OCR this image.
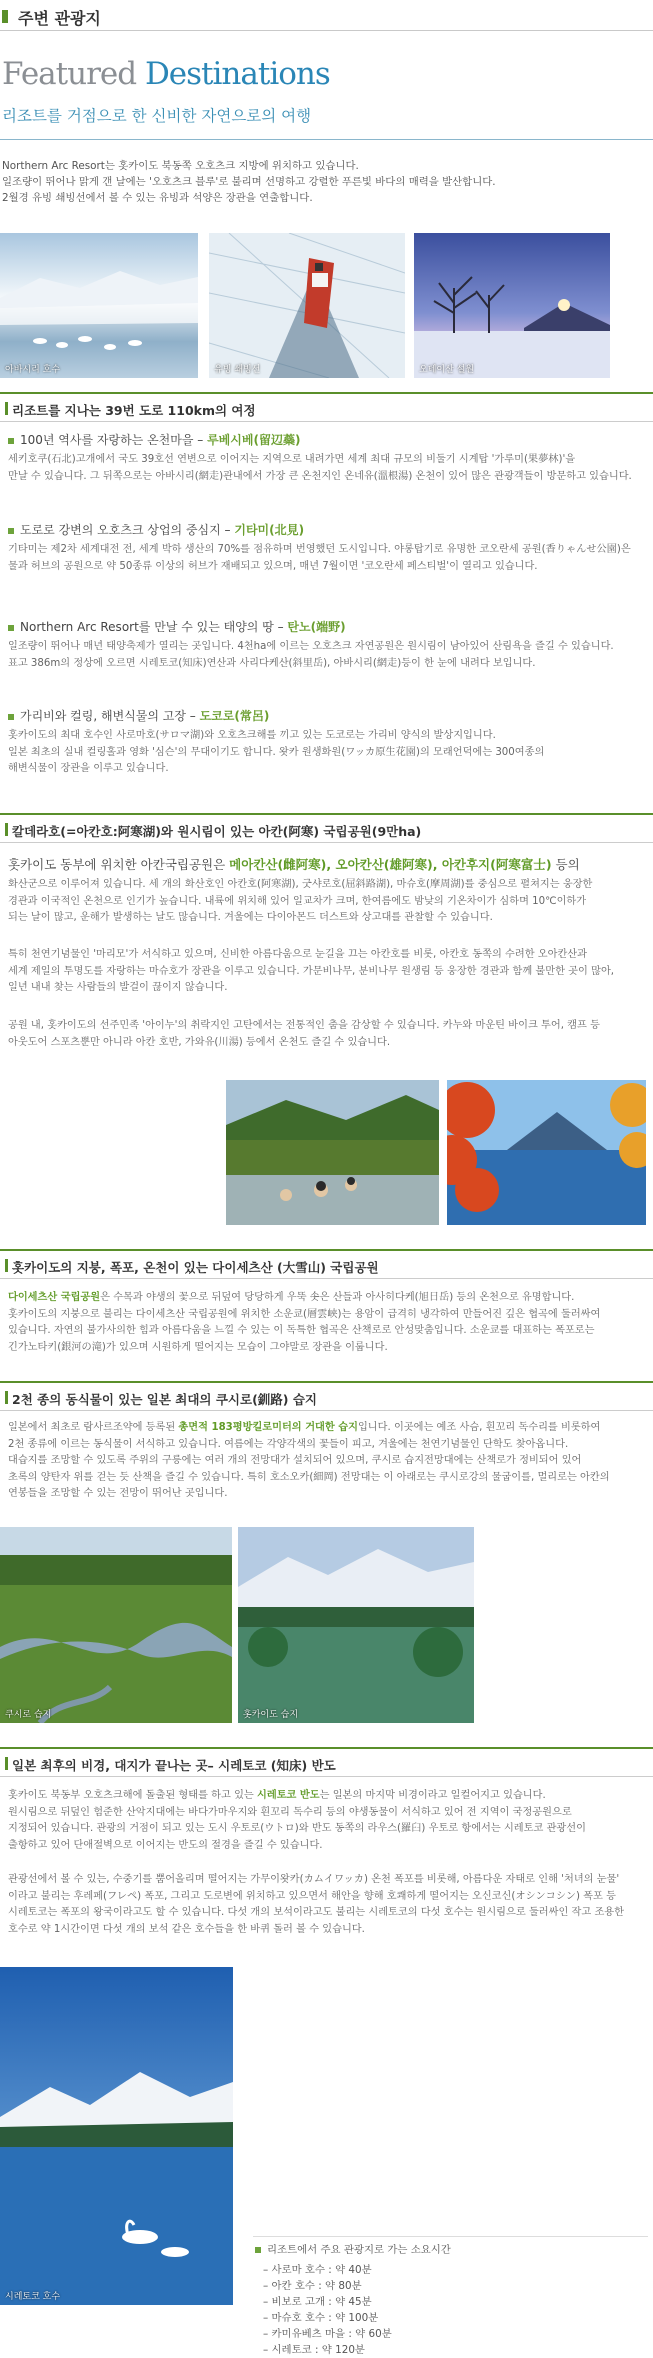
주변 관광지
Featured Destinations
리조트를 거점으로 한 신비한 자연으로의 여행
Northern Arc Resort는 홋카이도 북동쪽 오호츠크 지방에 위치하고 있습니다.
일조량이 뛰어나 맑게 갠 날에는 '오호츠크 블루'로 불리며 선명하고 강렬한 푸른빛 바다의 매력을 발산합니다.
2월경 유빙 쇄빙선에서 볼 수 있는 유빙과 석양은 장관을 연출합니다.
아바시리 호수	유빙 쇄빙선	오테이산 설원
리조트를 지나는 39번 도로 110km의 여정
100년 역사를 자랑하는 온천마을 – 루베시베(留辺蘂)
세키호쿠(石北)고개에서 국도 39호선 연변으로 이어지는 지역으로 내려가면 세계 최대 규모의 비둘기 시계탑 '가루미(果夢林)'을
만날 수 있습니다. 그 뒤쪽으로는 아바시리(網走)관내에서 가장 큰 온천지인 온네유(溫根湯) 온천이 있어 많은 관광객들이 방문하고 있습니다.
도로로 강변의 오호츠크 상업의 중심지 – 기타미(北見)
기타미는 제2차 세계대전 전, 세계 박하 생산의 70%를 점유하며 번영했던 도시입니다. 야롱탑기로 유명한 코오란세 공원(香りゃんせ公園)은
물과 허브의 공원으로 약 50종류 이상의 허브가 재배되고 있으며, 매년 7월이면 '코오란세 페스티벌'이 열리고 있습니다.
Northern Arc Resort를 만날 수 있는 태양의 땅 – 탄노(端野)
일조량이 뛰어나 매년 태양축제가 열리는 곳입니다. 4천ha에 이르는 오호츠크 자연공원은 원시림이 남아있어 산림욕을 즐길 수 있습니다.
표고 386m의 정상에 오르면 시레토코(知床)연산과 사리다케산(斜里岳), 아바시리(網走)등이 한 눈에 내려다 보입니다.
가리비와 컬링, 해변식물의 고장 – 도코로(常呂)
홋카이도의 최대 호수인 사로마호(サロマ湖)와 오호츠크해를 끼고 있는 도코로는 가리비 양식의 발상지입니다.
일본 최초의 실내 컬링홀과 영화 '심슨'의 무대이기도 합니다. 왓카 원생화원(ワッカ原生花園)의 모래언덕에는 300여종의
해변식물이 장관을 이루고 있습니다.
칼데라호(=아칸호:阿寒湖)와 원시림이 있는 아칸(阿寒) 국립공원(9만ha)
홋카이도 동부에 위치한 아칸국립공원은 메아칸산(雌阿寒), 오아칸산(雄阿寒), 아칸후지(阿寒富士) 등의
화산군으로 이루어져 있습니다. 세 개의 화산호인 아칸호(阿寒湖), 굿샤로호(屈斜路湖), 마슈호(摩周湖)를 중심으로 펼쳐지는 웅장한
경관과 이국적인 온천으로 인기가 높습니다. 내륙에 위치해 있어 일교차가 크며, 한여름에도 밤낮의 기온차이가 심하며 10℃이하가
되는 날이 많고, 운해가 발생하는 날도 많습니다. 겨울에는 다이아몬드 더스트와 상고대를 관찰할 수 있습니다.
특히 천연기념물인 '마리모'가 서식하고 있으며, 신비한 아름다움으로 눈길을 끄는 아칸호를 비롯, 아칸호 동쪽의 수려한 오아칸산과
세계 제일의 투명도를 자랑하는 마슈호가 장관을 이루고 있습니다. 가문비나무, 분비나무 원생림 등 웅장한 경관과 함께 불만한 곳이 많아,
일년 내내 찾는 사람들의 발걸이 끊이지 않습니다.
공원 내, 홋카이도의 선주민족 '아이누'의 취락지인 고탄에서는 전통적인 춤을 감상할 수 있습니다. 카누와 마운틴 바이크 투어, 캠프 등
아웃도어 스포츠뿐만 아니라 아칸 호반, 가와유(川湯) 등에서 온천도 즐길 수 있습니다.
홋카이도의 지붕, 폭포, 온천이 있는 다이세츠산 (大雪山) 국립공원
다이세츠산 국립공원은 수목과 야생의 꽃으로 뒤덮여 당당하게 우뚝 솟은 산들과 아사히다케(旭日岳) 등의 온천으로 유명합니다.
홋카이도의 지붕으로 불리는 다이세츠산 국립공원에 위치한 소운쿄(層雲峡)는 용암이 급격히 냉각하여 만들어진 깊은 협곡에 둘러싸여
있습니다. 자연의 불가사의한 힘과 아름다움을 느낄 수 있는 이 독특한 협곡은 산책로로 안성맞춤입니다. 소운쿄를 대표하는 폭포로는
긴가노타키(銀河の滝)가 있으며 시원하게 떨어지는 모습이 그야말로 장관을 이룹니다.
2천 종의 동식물이 있는 일본 최대의 쿠시로(釧路) 습지
일본에서 최초로 람사르조약에 등록된 총면적 183평방킬로미터의 거대한 습지입니다. 이곳에는 예조 사슴, 흰꼬리 독수리를 비롯하여
2천 종류에 이르는 동식물이 서식하고 있습니다. 여름에는 각양각색의 꽃들이 피고, 겨울에는 천연기념물인 단학도 찾아옵니다.
대습지를 조망할 수 있도록 주위의 구릉에는 여러 개의 전망대가 설치되어 있으며, 쿠시로 습지전망대에는 산책로가 정비되어 있어
초록의 양탄자 위를 걷는 듯 산책을 즐길 수 있습니다. 특히 호소오카(細岡) 전망대는 이 아래로는 쿠시로강의 물굽이를, 멀리로는 아칸의
연봉들을 조망할 수 있는 전망이 뛰어난 곳입니다.
쿠시로 습지	홋카이도 습지
일본 최후의 비경, 대지가 끝나는 곳– 시레토코 (知床) 반도
홋카이도 북동부 오호츠크해에 돌출된 형태를 하고 있는 시레토코 반도는 일본의 마지막 비경이라고 일컬어지고 있습니다.
원시림으로 뒤덮인 험준한 산악지대에는 바다가마우지와 흰꼬리 독수리 등의 야생동물이 서식하고 있어 전 지역이 국정공원으로
지정되어 있습니다. 관광의 거점이 되고 있는 도시 우토로(ウトロ)와 반도 동쪽의 라우스(羅臼) 우토로 항에서는 시레토코 관광선이
출항하고 있어 단애절벽으로 이어지는 반도의 절경을 즐길 수 있습니다.
관광선에서 볼 수 있는, 수중기를 뿜어올리며 떨어지는 가무이왓카(カムイワッカ) 온천 폭포를 비롯해, 아름다운 자태로 인해 '처녀의 눈물'
이라고 불리는 후레페(フレペ) 폭포, 그리고 도로변에 위치하고 있으면서 해안을 향해 호쾌하게 떨어지는 오신코신(オシンコシン) 폭포 등
시레토코는 폭포의 왕국이라고도 할 수 있습니다. 다섯 개의 보석이라고도 불리는 시레토코의 다섯 호수는 원시림으로 둘러싸인 작고 조용한
호수로 약 1시간이면 다섯 개의 보석 같은 호수들을 한 바퀴 돌러 볼 수 있습니다.
시레토코 호수
리조트에서 주요 관광지로 가는 소요시간
– 사로마 호수 : 약 40분
– 아칸 호수 : 약 80분
– 비보로 고개 : 약 45분
– 마슈호 호수 : 약 100분
– 카미유베츠 마을 : 약 60분
– 시레토코 : 약 120분
